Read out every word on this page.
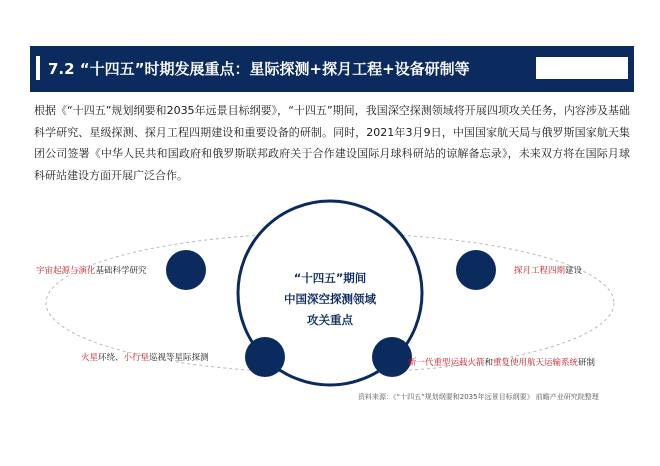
7.2 “十四五”时期发展重点：星际探测+探月工程+设备研制等
根据《“十四五”规划纲要和2035年远景目标纲要》，“十四五”期间，我国深空探测领域将开展四项攻关任务，内容涉及基础科学研究、星级探测、探月工程四期建设和重要设备的研制。同时，2021年3月9日，中国国家航天局与俄罗斯国家航天集团公司签署《中华人民共和国政府和俄罗斯联邦政府关于合作建设国际月球科研站的谅解备忘录》，未来双方将在国际月球科研站建设方面开展广泛合作。
“十四五”期间
中国深空探测领域
攻关重点
宇宙起源与演化基础科学研究	探月工程四期建设
火星环绕、小行星巡视等星际探测	新一代重型运载火箭和重复使用航天运输系统研制
资料来源：《“十四五”规划纲要和2035年远景目标纲要》 前瞻产业研究院整理
